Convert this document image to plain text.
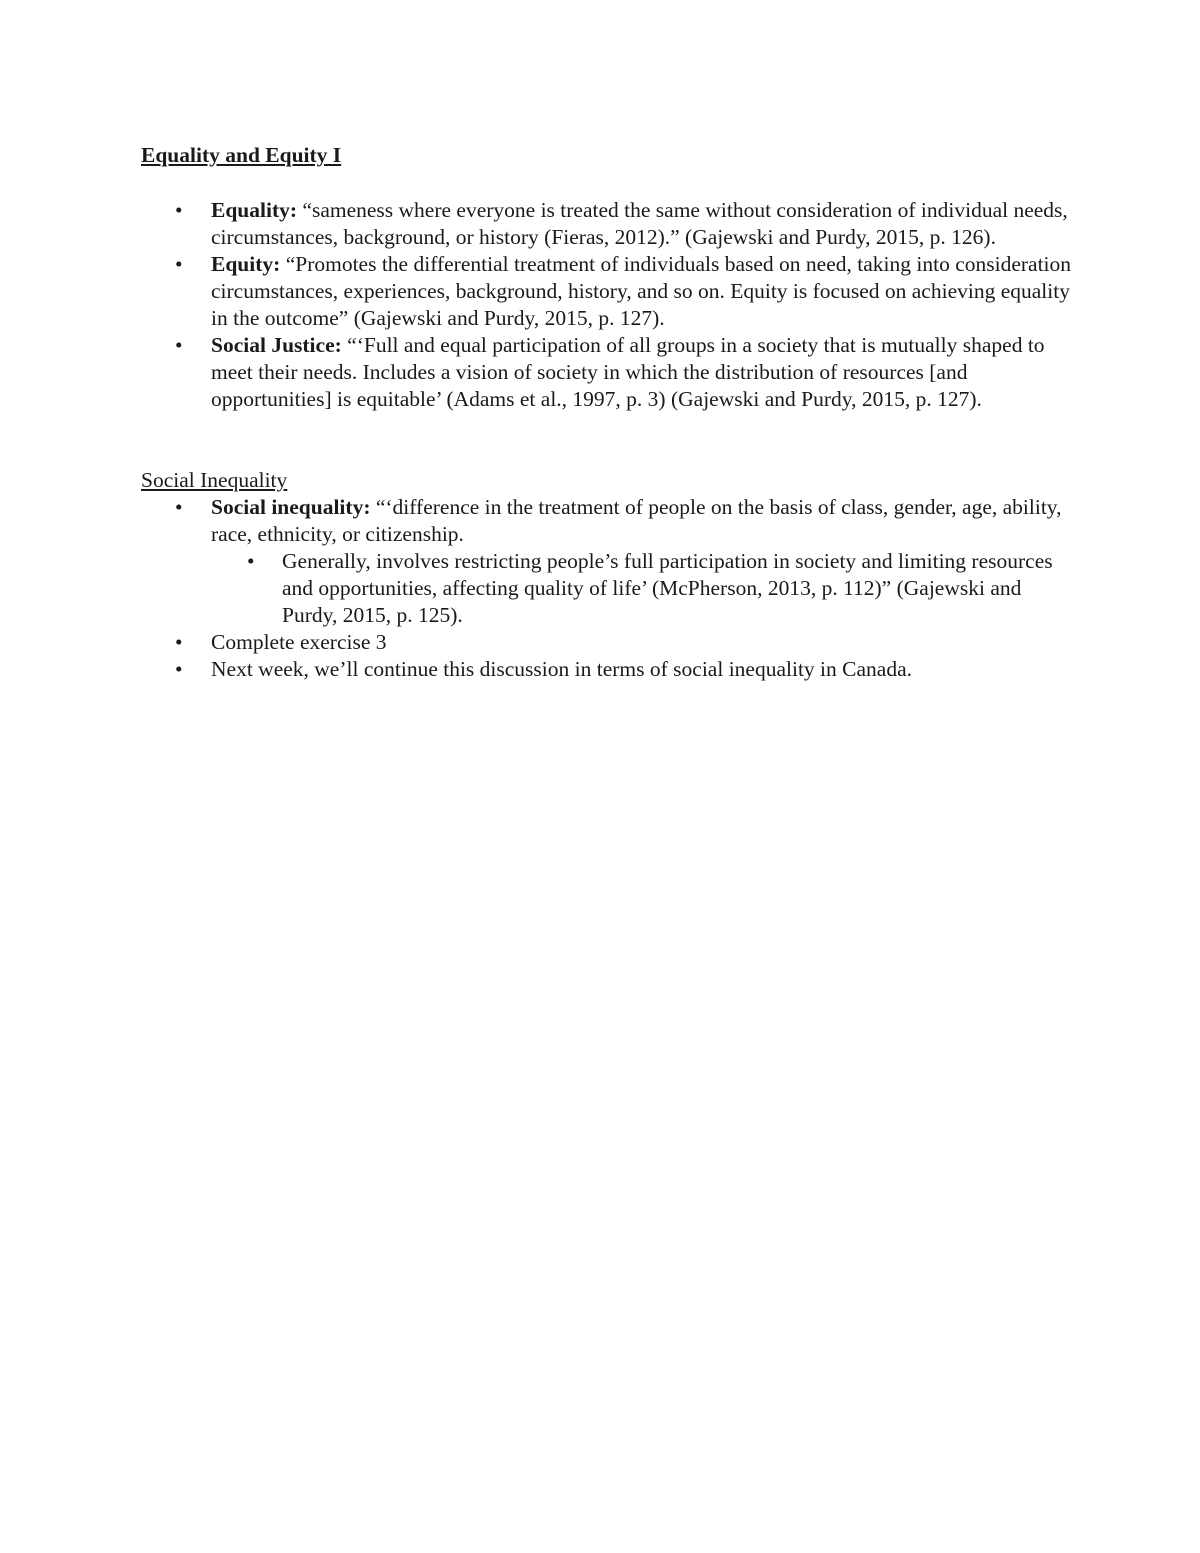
Equality and Equity I

• Equality: “sameness where everyone is treated the same without consideration of individual needs, circumstances, background, or history (Fieras, 2012).” (Gajewski and Purdy, 2015, p. 126).
• Equity: “Promotes the differential treatment of individuals based on need, taking into consideration circumstances, experiences, background, history, and so on. Equity is focused on achieving equality in the outcome” (Gajewski and Purdy, 2015, p. 127).
• Social Justice: “‘Full and equal participation of all groups in a society that is mutually shaped to meet their needs. Includes a vision of society in which the distribution of resources [and opportunities] is equitable’ (Adams et al., 1997, p. 3) (Gajewski and Purdy, 2015, p. 127).

Social Inequality

• Social inequality: “‘difference in the treatment of people on the basis of class, gender, age, ability, race, ethnicity, or citizenship.
• Generally, involves restricting people’s full participation in society and limiting resources and opportunities, affecting quality of life’ (McPherson, 2013, p. 112)” (Gajewski and Purdy, 2015, p. 125).
• Complete exercise 3
• Next week, we’ll continue this discussion in terms of social inequality in Canada.
